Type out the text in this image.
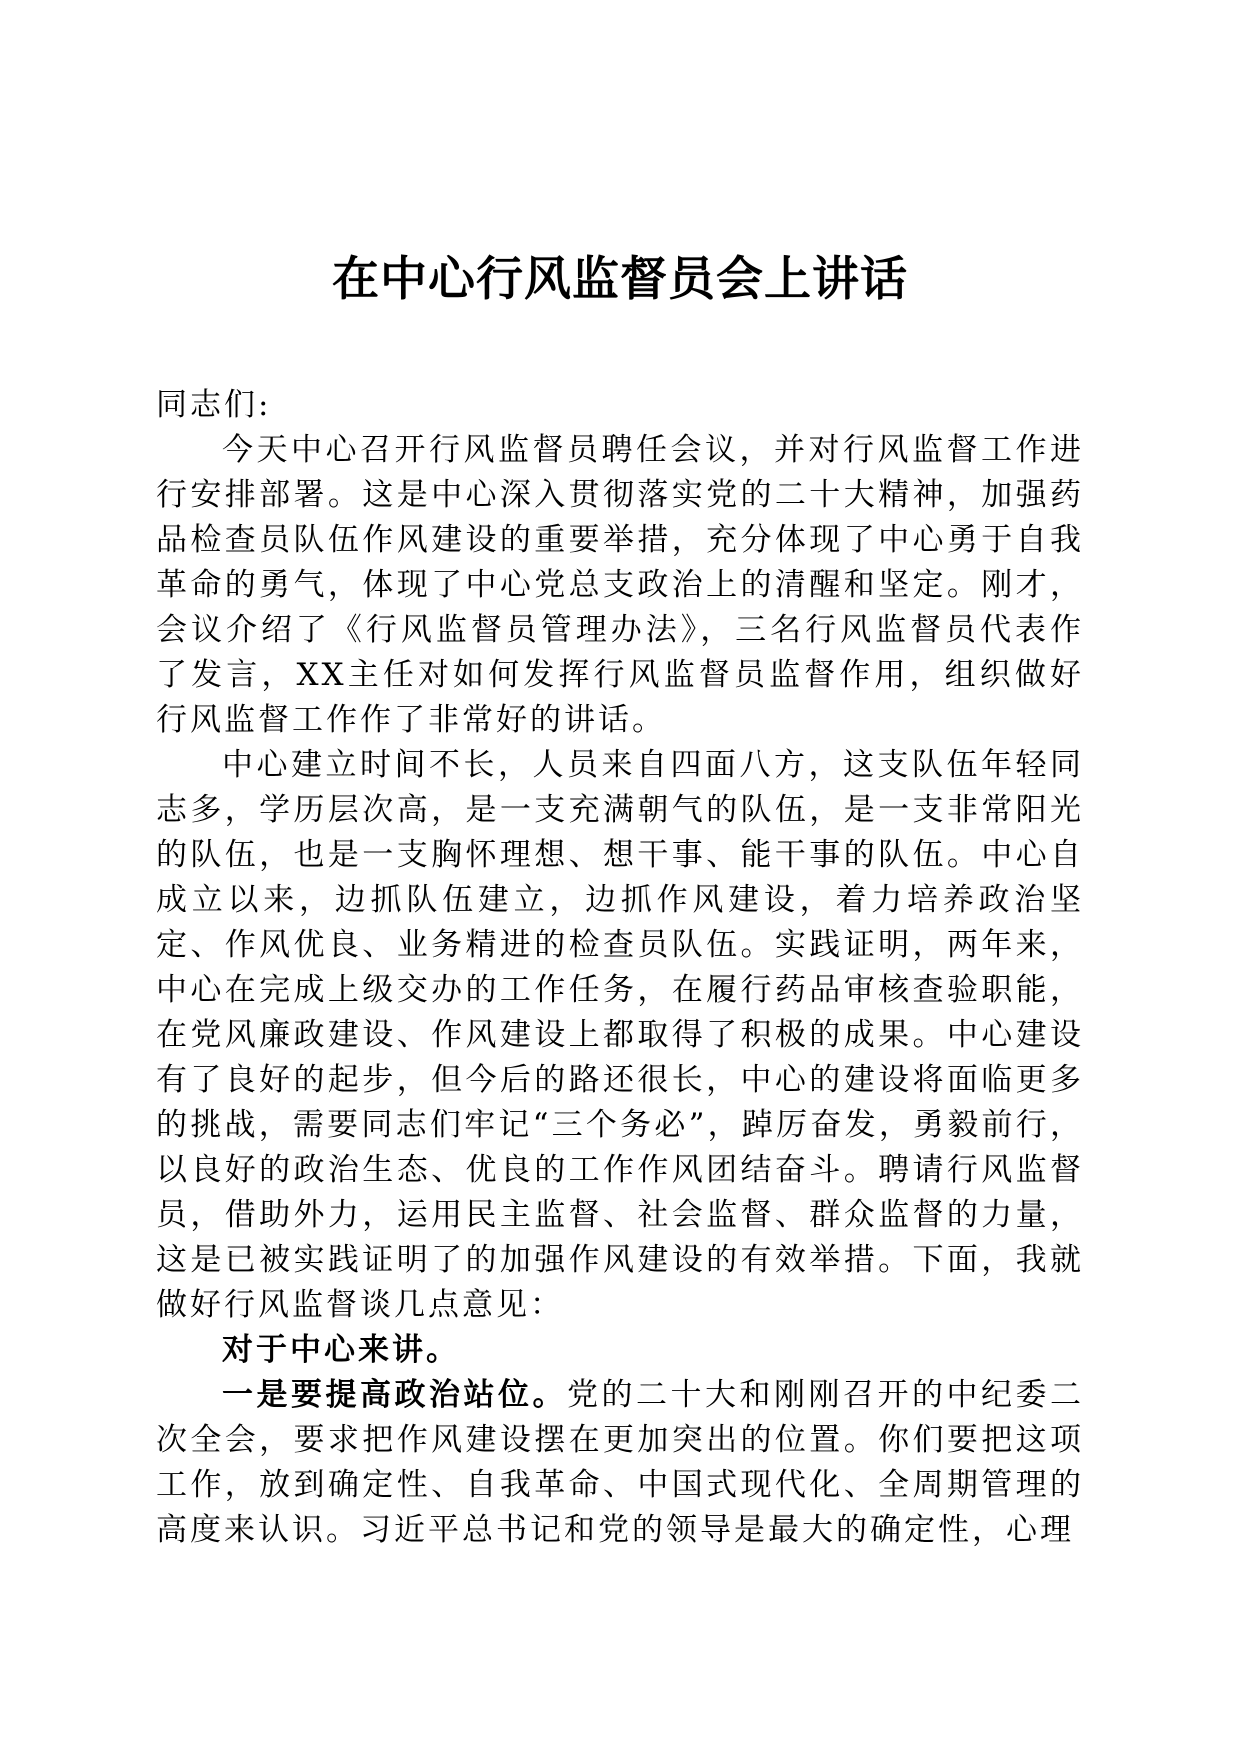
在中心行风监督员会上讲话

同志们:

今天中心召开行风监督员聘任会议，并对行风监督工作进行安排部署。这是中心深入贯彻落实党的二十大精神，加强药品检查员队伍作风建设的重要举措，充分体现了中心勇于自我革命的勇气，体现了中心党总支政治上的清醒和坚定。刚才，会议介绍了《行风监督员管理办法》，三名行风监督员代表作了发言，XX主任对如何发挥行风监督员监督作用，组织做好行风监督工作作了非常好的讲话。

中心建立时间不长，人员来自四面八方，这支队伍年轻同志多，学历层次高，是一支充满朝气的队伍，是一支非常阳光的队伍，也是一支胸怀理想、想干事、能干事的队伍。中心自成立以来，边抓队伍建立，边抓作风建设，着力培养政治坚定、作风优良、业务精进的检查员队伍。实践证明，两年来，中心在完成上级交办的工作任务，在履行药品审核查验职能，在党风廉政建设、作风建设上都取得了积极的成果。中心建设有了良好的起步，但今后的路还很长，中心的建设将面临更多的挑战，需要同志们牢记“三个务必”，踔厉奋发，勇毅前行，以良好的政治生态、优良的工作作风团结奋斗。聘请行风监督员，借助外力，运用民主监督、社会监督、群众监督的力量，这是已被实践证明了的加强作风建设的有效举措。下面，我就做好行风监督谈几点意见：

对于中心来讲。

一是要提高政治站位。党的二十大和刚刚召开的中纪委二次全会，要求把作风建设摆在更加突出的位置。你们要把这项工作，放到确定性、自我革命、中国式现代化、全周期管理的高度来认识。习近平总书记和党的领导是最大的确定性，心理
